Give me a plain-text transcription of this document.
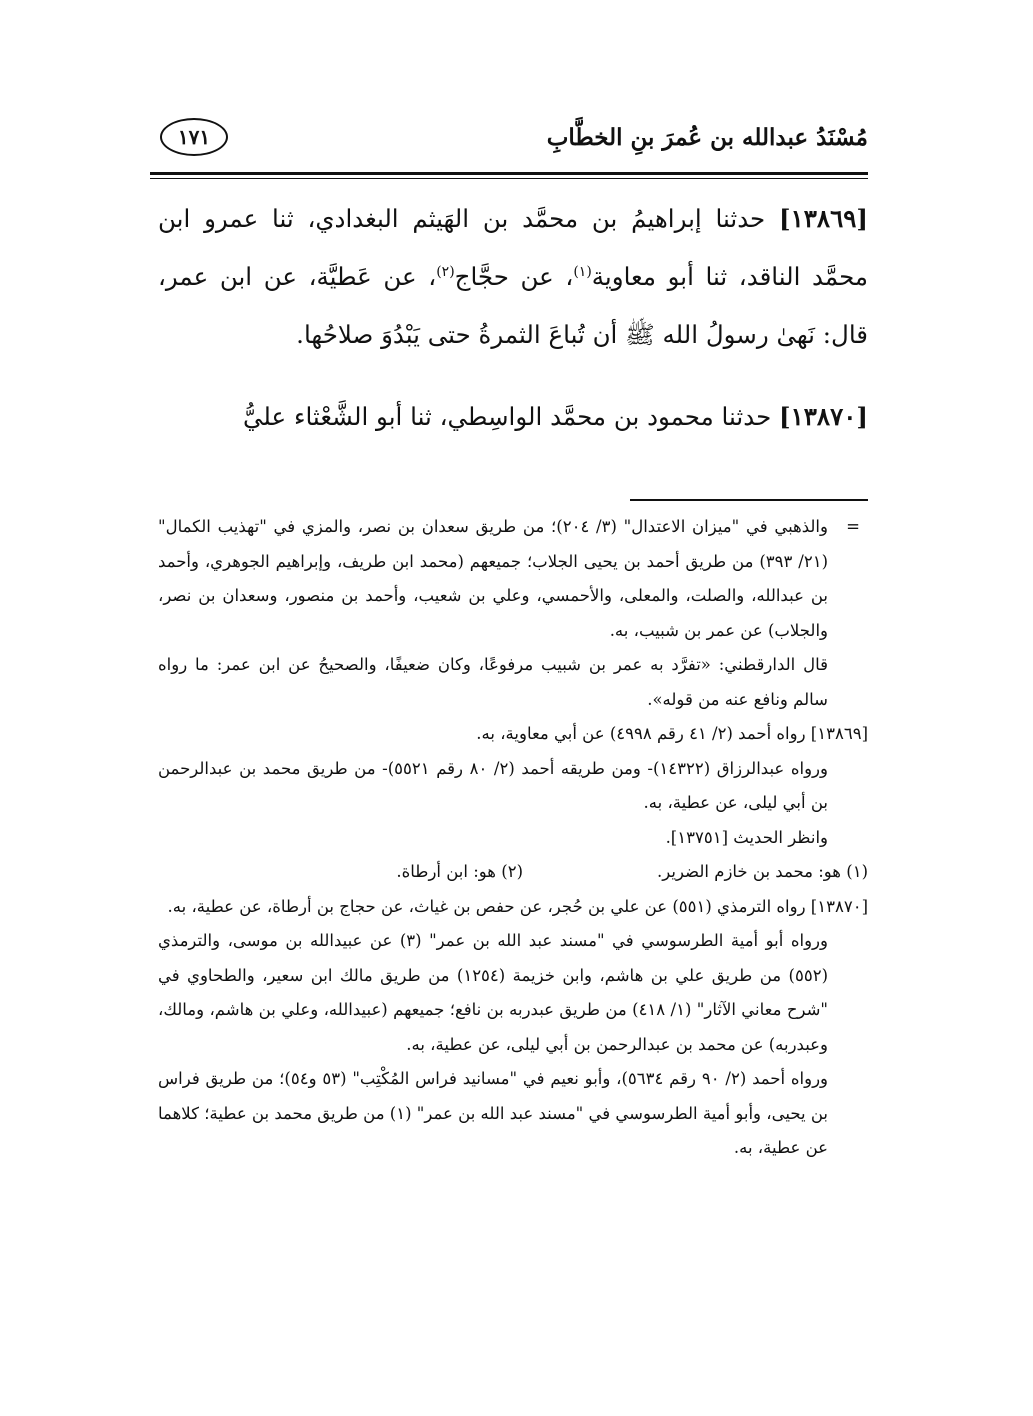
مُسْنَدُ عبدالله بن عُمرَ بنِ الخطَّابِ
١٧١

[١٣٨٦٩] حدثنا إبراهيمُ بن محمَّد بن الهَيثم البغدادي، ثنا عمرو ابن محمَّد الناقد، ثنا أبو معاوية$^{(١)}$، عن حجَّاج$^{(٢)}$، عن عَطيَّة، عن ابن عمر، قال: نَهىٰ رسولُ الله ﷺ أن تُباعَ الثمرةُ حتى يَبْدُوَ صلاحُها.

[١٣٨٧٠] حدثنا محمود بن محمَّد الواسِطي، ثنا أبو الشَّعْثاء عليُّ

=
والذهبي في "ميزان الاعتدال" (٣/ ٢٠٤)؛ من طريق سعدان بن نصر، والمزي في "تهذيب الكمال" (٢١/ ٣٩٣) من طريق أحمد بن يحيى الجلاب؛ جميعهم (محمد ابن طريف، وإبراهيم الجوهري، وأحمد بن عبدالله، والصلت، والمعلى، والأحمسي، وعلي بن شعيب، وأحمد بن منصور، وسعدان بن نصر، والجلاب) عن عمر بن شبيب، به.
قال الدارقطني: «تفرَّد به عمر بن شبيب مرفوعًا، وكان ضعيفًا، والصحيحُ عن ابن عمر: ما رواه سالم ونافع عنه من قوله».
[١٣٨٦٩] رواه أحمد (٢/ ٤١ رقم ٤٩٩٨) عن أبي معاوية، به.
ورواه عبدالرزاق (١٤٣٢٢)- ومن طريقه أحمد (٢/ ٨٠ رقم ٥٥٢١)- من طريق محمد بن عبدالرحمن بن أبي ليلى، عن عطية، به.
وانظر الحديث [١٣٧٥١].
(١) هو: محمد بن خازم الضرير.
(٢) هو: ابن أرطاة.
[١٣٨٧٠] رواه الترمذي (٥٥١) عن علي بن حُجر، عن حفص بن غياث، عن حجاج بن أرطاة، عن عطية، به.
ورواه أبو أمية الطرسوسي في "مسند عبد الله بن عمر" (٣) عن عبيدالله بن موسى، والترمذي (٥٥٢) من طريق علي بن هاشم، وابن خزيمة (١٢٥٤) من طريق مالك ابن سعير، والطحاوي في "شرح معاني الآثار" (١/ ٤١٨) من طريق عبدربه بن نافع؛ جميعهم (عبيدالله، وعلي بن هاشم، ومالك، وعبدربه) عن محمد بن عبدالرحمن بن أبي ليلى، عن عطية، به.
ورواه أحمد (٢/ ٩٠ رقم ٥٦٣٤)، وأبو نعيم في "مسانيد فراس المُكْتِب" (٥٣ و٥٤)؛ من طريق فراس بن يحيى، وأبو أمية الطرسوسي في "مسند عبد الله بن عمر" (١) من طريق محمد بن عطية؛ كلاهما عن عطية، به.
